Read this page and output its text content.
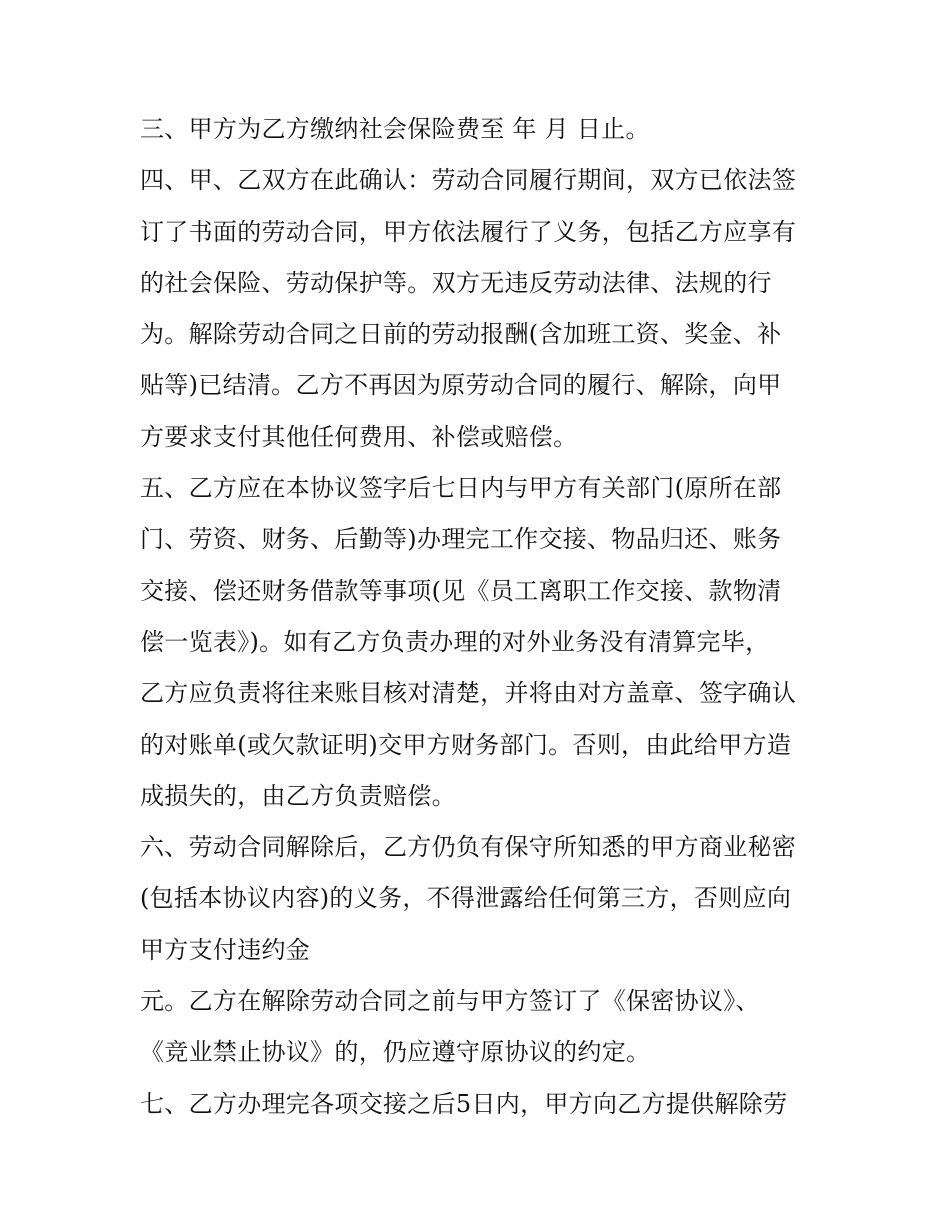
三、甲方为乙方缴纳社会保险费至 年 月 日止。
四、甲、乙双方在此确认：劳动合同履行期间，双方已依法签
订了书面的劳动合同，甲方依法履行了义务，包括乙方应享有
的社会保险、劳动保护等。双方无违反劳动法律、法规的行
为。解除劳动合同之日前的劳动报酬(含加班工资、奖金、补
贴等)已结清。乙方不再因为原劳动合同的履行、解除，向甲
方要求支付其他任何费用、补偿或赔偿。
五、乙方应在本协议签字后七日内与甲方有关部门(原所在部
门、劳资、财务、后勤等)办理完工作交接、物品归还、账务
交接、偿还财务借款等事项(见《员工离职工作交接、款物清
偿一览表》)。如有乙方负责办理的对外业务没有清算完毕，
乙方应负责将往来账目核对清楚，并将由对方盖章、签字确认
的对账单(或欠款证明)交甲方财务部门。否则，由此给甲方造
成损失的，由乙方负责赔偿。
六、劳动合同解除后，乙方仍负有保守所知悉的甲方商业秘密
(包括本协议内容)的义务，不得泄露给任何第三方，否则应向
甲方支付违约金
元。乙方在解除劳动合同之前与甲方签订了《保密协议》、
《竞业禁止协议》的，仍应遵守原协议的约定。
七、乙方办理完各项交接之后5日内，甲方向乙方提供解除劳
